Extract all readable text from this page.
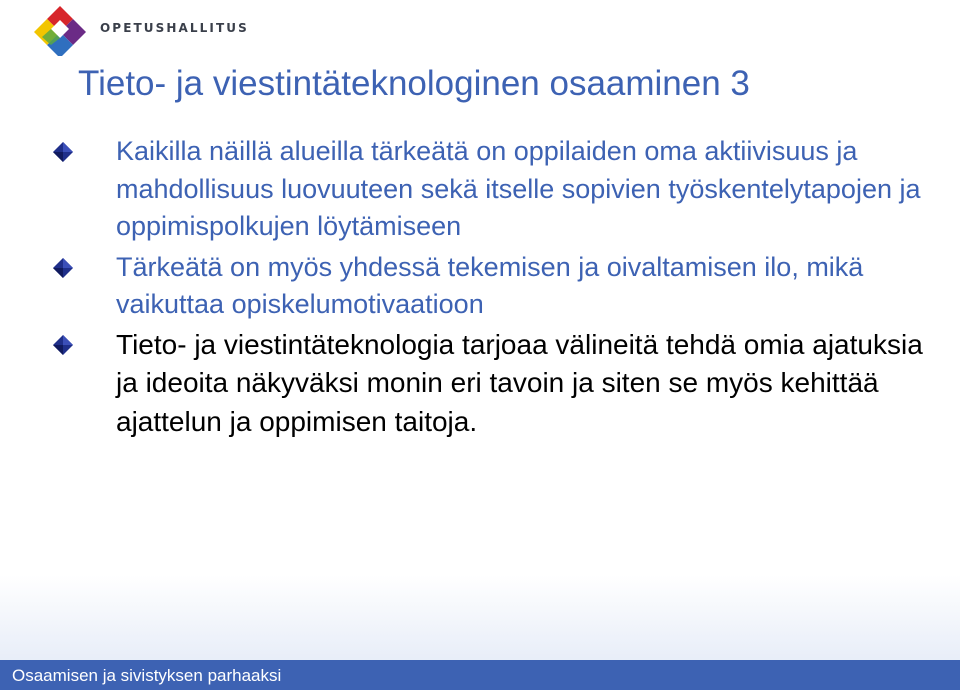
OPETUSHALLITUS
Tieto- ja viestintäteknologinen osaaminen 3
Kaikilla näillä alueilla tärkeätä on oppilaiden oma aktiivisuus ja mahdollisuus luovuuteen sekä itselle sopivien työskentelytapojen ja oppimispolkujen löytämiseen
Tärkeätä on myös yhdessä tekemisen ja oivaltamisen ilo, mikä vaikuttaa opiskelumotivaatioon
Tieto- ja viestintäteknologia tarjoaa välineitä tehdä omia ajatuksia ja ideoita näkyväksi monin eri tavoin ja siten se myös kehittää ajattelun ja oppimisen taitoja.
Osaamisen ja sivistyksen parhaaksi
